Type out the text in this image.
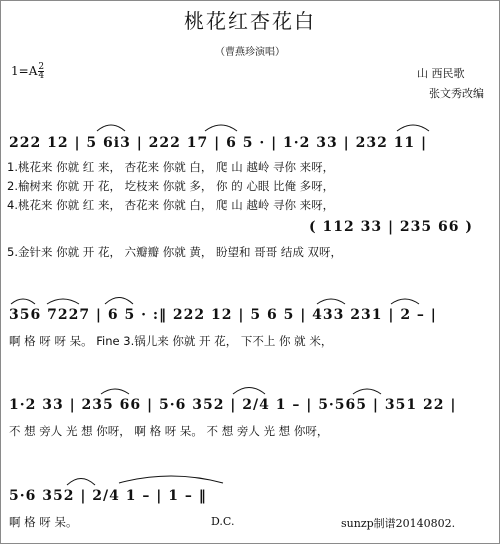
桃花红杏花白
（曹燕珍演唱）
$1=A \frac{2}{4}$	山 西民歌
张文秀改编
222 12 | 5 6i3 | 222 17 | 6 5 · | 1·2 33 | 232 11 |
1.桃花来 你就 红 来， 杏花来 你就 白， 爬 山 越岭 寻你 来呀，
2.榆树来 你就 开 花， 圪枝来 你就 多， 你 的 心眼 比俺 多呀，
4.桃花来 你就 红 来， 杏花来 你就 白， 爬 山 越岭 寻你 来呀，
( 112 33 | 235 66 )
5.金针来 你就 开 花， 六瓣瓣 你就 黄， 盼望和 哥哥 结成 双呀，
356 7227 | 6 5 · :‖ 222 12 | 5 6 5 | 433 231 | 2 – |
啊 格 呀 呀 呆。 Fine 3.锅儿来 你就 开 花， 下不上 你 就 米，
1·2 33 | 235 66 | 5·6 352 | 2/4 1 – | 5·565 | 351 22 |
不 想 旁人 光 想 你呀， 啊 格 呀 呆。 不 想 旁人 光 想 你呀，
5·6 352 | 2/4 1 – | 1 – ‖
啊 格 呀 呆。	D.C.	sunzp制谱20140802.
